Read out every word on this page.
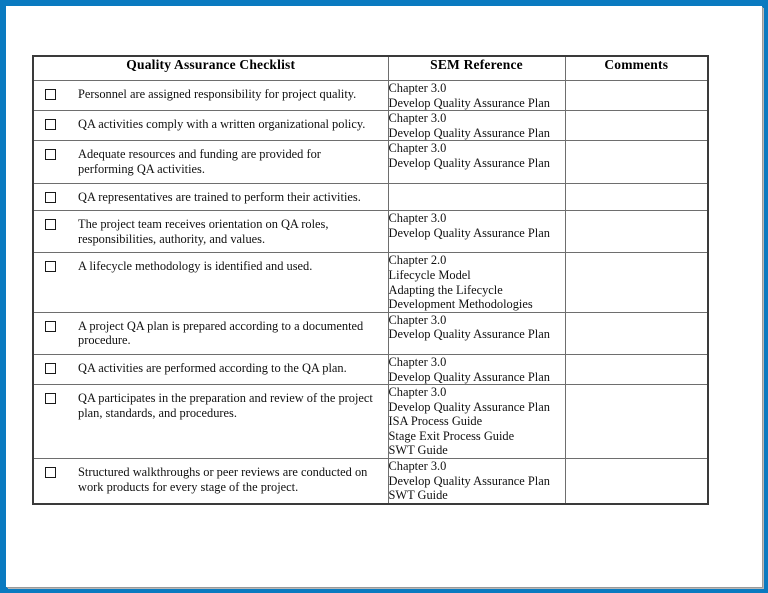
Quality Assurance Checklist	SEM Reference	Comments

Personnel are assigned responsibility for project quality.	Chapter 3.0
Develop Quality Assurance Plan	

QA activities comply with a written organizational policy.	Chapter 3.0
Develop Quality Assurance Plan	

Adequate resources and funding are provided for performing QA activities.	Chapter 3.0
Develop Quality Assurance Plan	

QA representatives are trained to perform their activities.		

The project team receives orientation on QA roles, responsibilities, authority, and values.	Chapter 3.0
Develop Quality Assurance Plan	

A lifecycle methodology is identified and used.	Chapter 2.0
Lifecycle Model
Adapting the Lifecycle
Development Methodologies	

A project QA plan is prepared according to a documented procedure.	Chapter 3.0
Develop Quality Assurance Plan	

QA activities are performed according to the QA plan.	Chapter 3.0
Develop Quality Assurance Plan	

QA participates in the preparation and review of the project plan, standards, and procedures.	Chapter 3.0
Develop Quality Assurance Plan
ISA Process Guide
Stage Exit Process Guide
SWT Guide	

Structured walkthroughs or peer reviews are conducted on work products for every stage of the project.	Chapter 3.0
Develop Quality Assurance Plan
SWT Guide	
